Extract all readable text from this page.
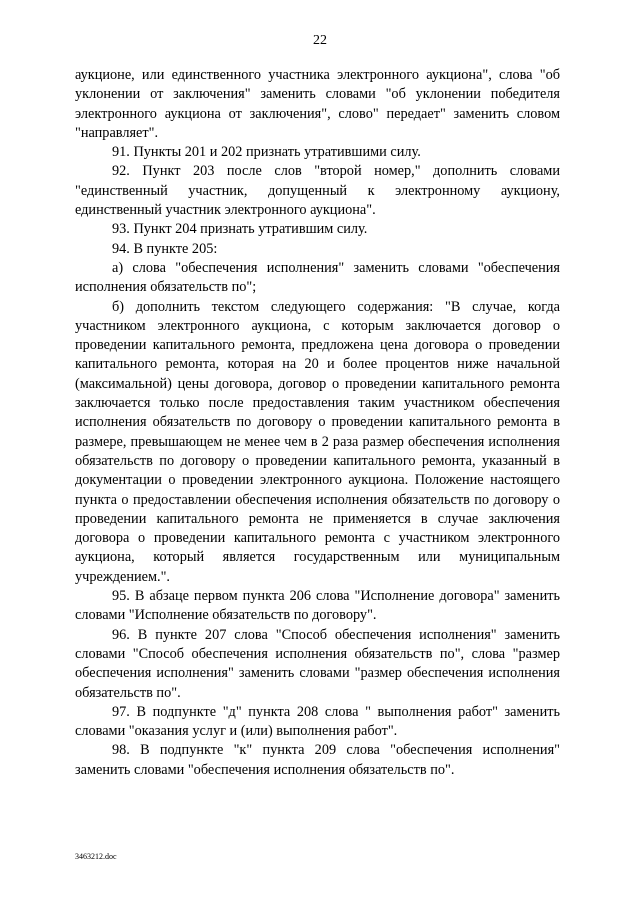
22

аукционе, или единственного участника электронного аукциона", слова "об уклонении от заключения" заменить словами "об уклонении победителя электронного аукциона от заключения", слово" передает" заменить словом "направляет".

91. Пункты 201 и 202 признать утратившими силу.

92. Пункт 203 после слов "второй номер," дополнить словами "единственный участник, допущенный к электронному аукциону, единственный участник электронного аукциона".

93. Пункт 204 признать утратившим силу.

94. В пункте 205:

а) слова "обеспечения исполнения" заменить словами "обеспечения исполнения обязательств по";

б) дополнить текстом следующего содержания: "В случае, когда участником электронного аукциона, с которым заключается договор о проведении капитального ремонта, предложена цена договора о проведении капитального ремонта, которая на 20 и более процентов ниже начальной (максимальной) цены договора, договор о проведении капитального ремонта заключается только после предоставления таким участником обеспечения исполнения обязательств по договору о проведении капитального ремонта в размере, превышающем не менее чем в 2 раза размер обеспечения исполнения обязательств по договору о проведении капитального ремонта, указанный в документации о проведении электронного аукциона. Положение настоящего пункта о предоставлении обеспечения исполнения обязательств по договору о проведении капитального ремонта не применяется в случае заключения договора о проведении капитального ремонта с участником электронного аукциона, который является государственным или муниципальным учреждением.".

95. В абзаце первом пункта 206 слова "Исполнение договора" заменить словами "Исполнение обязательств по договору".

96. В пункте 207 слова "Способ обеспечения исполнения" заменить словами "Способ обеспечения исполнения обязательств по", слова "размер обеспечения исполнения" заменить словами "размер обеспечения исполнения обязательств по".

97. В подпункте "д" пункта 208 слова " выполнения работ" заменить словами "оказания услуг и (или) выполнения работ".

98. В подпункте "к" пункта 209 слова "обеспечения исполнения" заменить словами "обеспечения исполнения обязательств по".

3463212.doc
